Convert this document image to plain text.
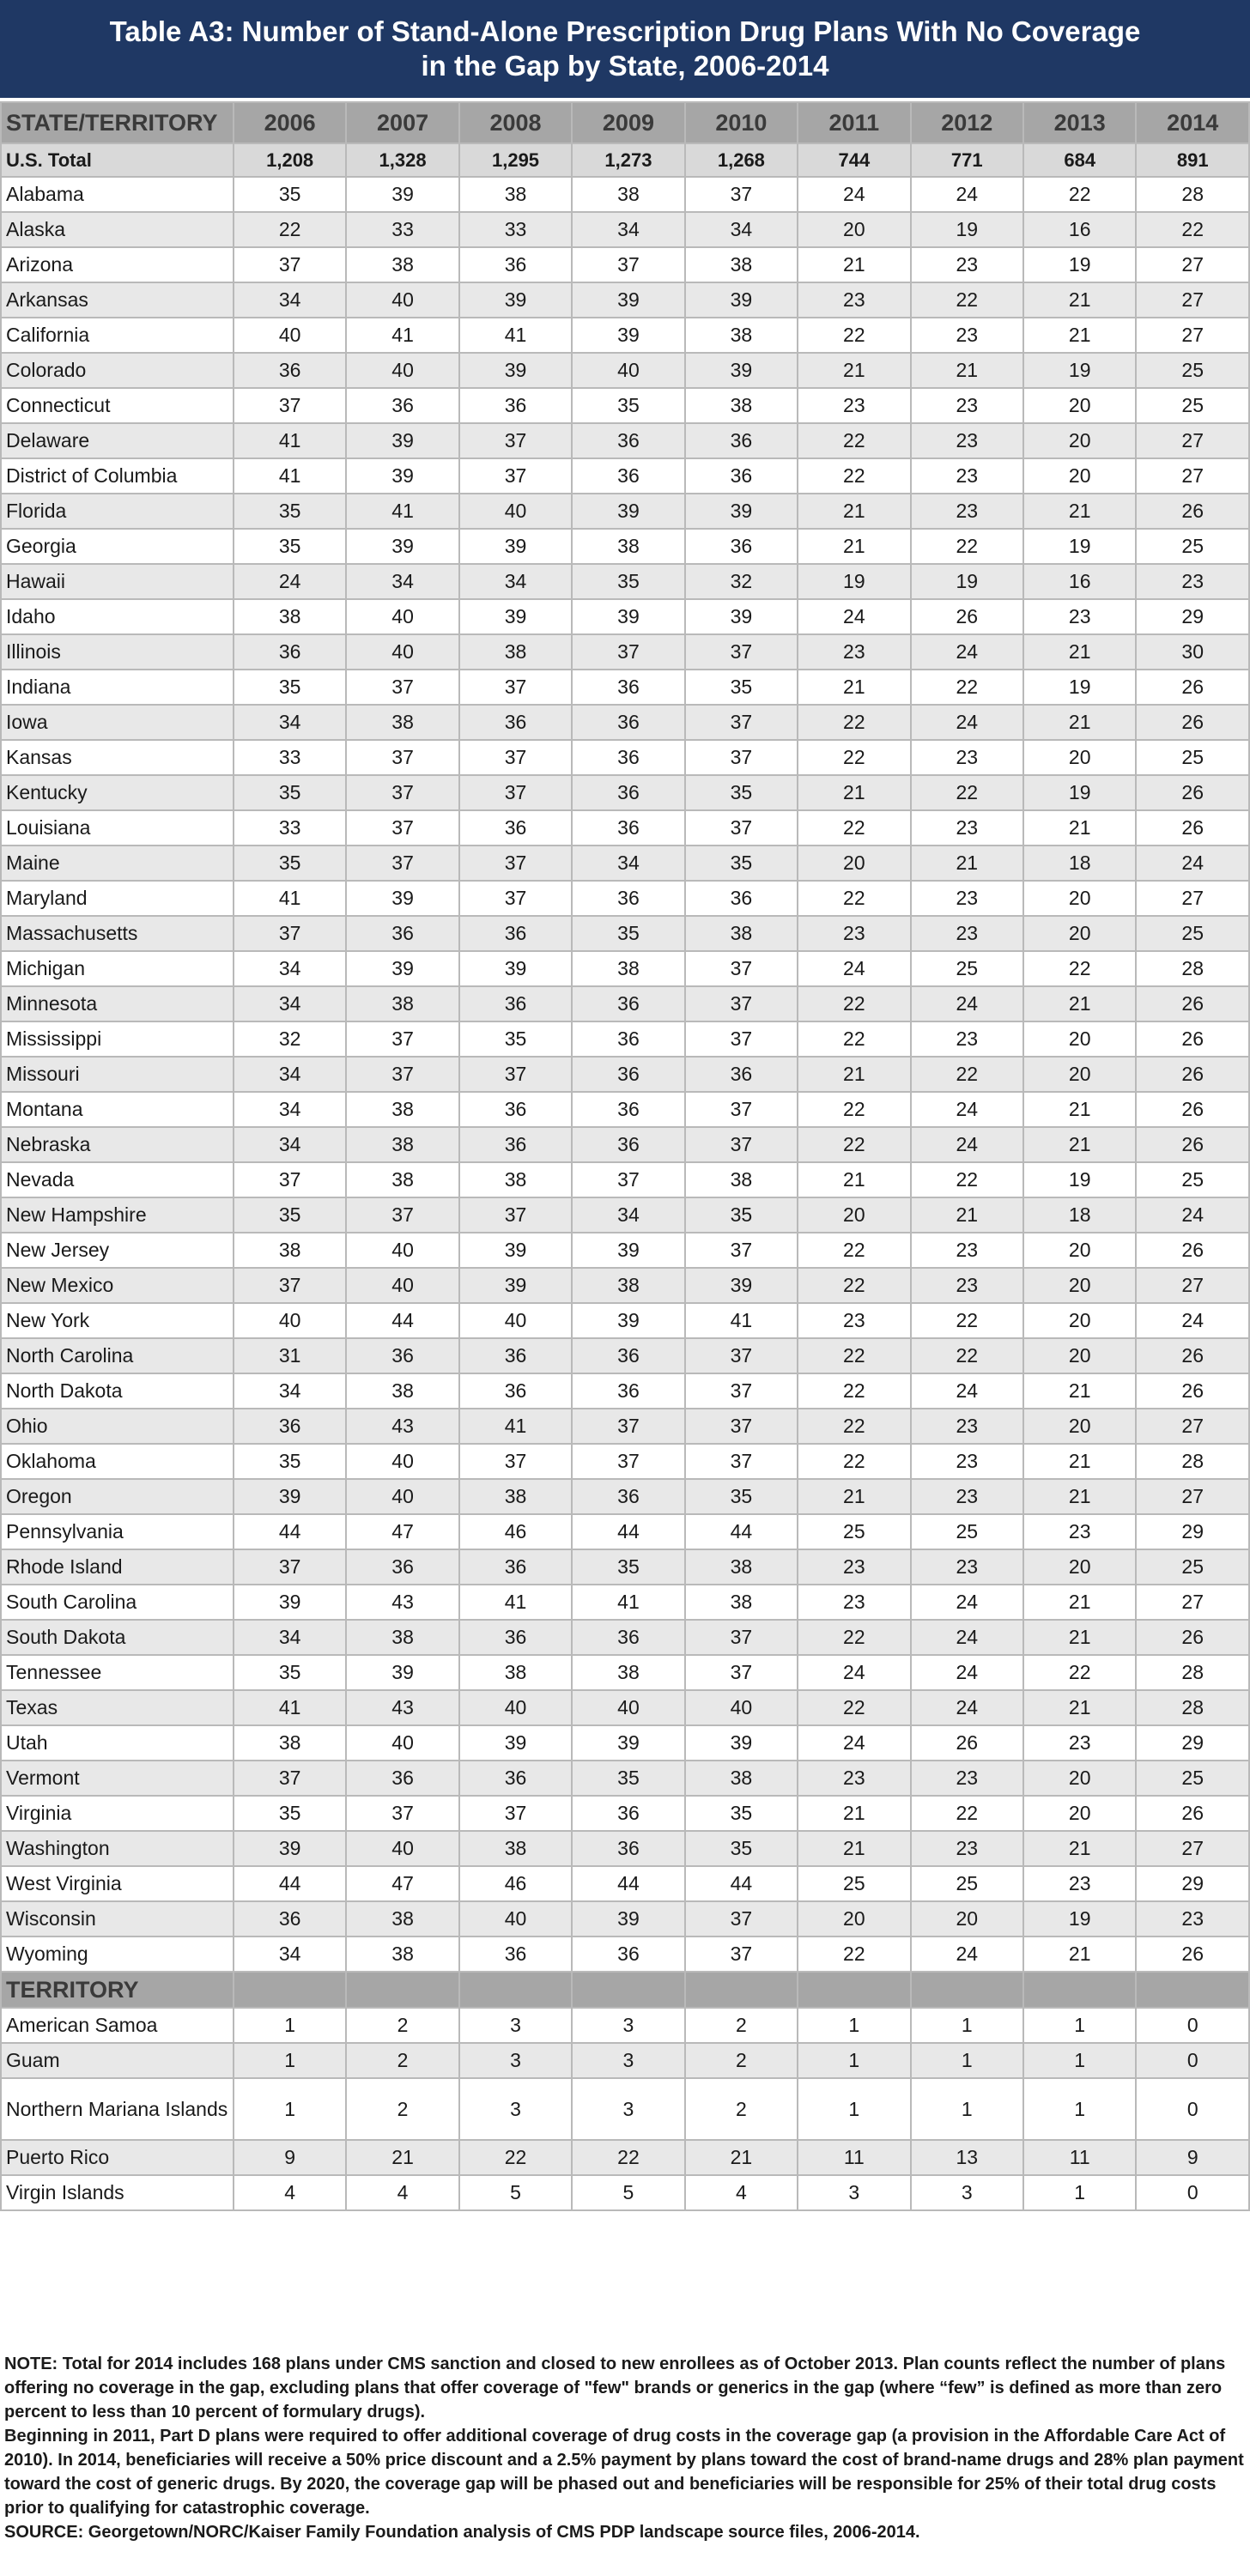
Table A3: Number of Stand-Alone Prescription Drug Plans With No Coverage
in the Gap by State, 2006-2014
STATE/TERRITORY	2006	2007	2008	2009	2010	2011	2012	2013	2014
U.S. Total	1,208	1,328	1,295	1,273	1,268	744	771	684	891
Alabama	35	39	38	38	37	24	24	22	28
Alaska	22	33	33	34	34	20	19	16	22
Arizona	37	38	36	37	38	21	23	19	27
Arkansas	34	40	39	39	39	23	22	21	27
California	40	41	41	39	38	22	23	21	27
Colorado	36	40	39	40	39	21	21	19	25
Connecticut	37	36	36	35	38	23	23	20	25
Delaware	41	39	37	36	36	22	23	20	27
District of Columbia	41	39	37	36	36	22	23	20	27
Florida	35	41	40	39	39	21	23	21	26
Georgia	35	39	39	38	36	21	22	19	25
Hawaii	24	34	34	35	32	19	19	16	23
Idaho	38	40	39	39	39	24	26	23	29
Illinois	36	40	38	37	37	23	24	21	30
Indiana	35	37	37	36	35	21	22	19	26
Iowa	34	38	36	36	37	22	24	21	26
Kansas	33	37	37	36	37	22	23	20	25
Kentucky	35	37	37	36	35	21	22	19	26
Louisiana	33	37	36	36	37	22	23	21	26
Maine	35	37	37	34	35	20	21	18	24
Maryland	41	39	37	36	36	22	23	20	27
Massachusetts	37	36	36	35	38	23	23	20	25
Michigan	34	39	39	38	37	24	25	22	28
Minnesota	34	38	36	36	37	22	24	21	26
Mississippi	32	37	35	36	37	22	23	20	26
Missouri	34	37	37	36	36	21	22	20	26
Montana	34	38	36	36	37	22	24	21	26
Nebraska	34	38	36	36	37	22	24	21	26
Nevada	37	38	38	37	38	21	22	19	25
New Hampshire	35	37	37	34	35	20	21	18	24
New Jersey	38	40	39	39	37	22	23	20	26
New Mexico	37	40	39	38	39	22	23	20	27
New York	40	44	40	39	41	23	22	20	24
North Carolina	31	36	36	36	37	22	22	20	26
North Dakota	34	38	36	36	37	22	24	21	26
Ohio	36	43	41	37	37	22	23	20	27
Oklahoma	35	40	37	37	37	22	23	21	28
Oregon	39	40	38	36	35	21	23	21	27
Pennsylvania	44	47	46	44	44	25	25	23	29
Rhode Island	37	36	36	35	38	23	23	20	25
South Carolina	39	43	41	41	38	23	24	21	27
South Dakota	34	38	36	36	37	22	24	21	26
Tennessee	35	39	38	38	37	24	24	22	28
Texas	41	43	40	40	40	22	24	21	28
Utah	38	40	39	39	39	24	26	23	29
Vermont	37	36	36	35	38	23	23	20	25
Virginia	35	37	37	36	35	21	22	20	26
Washington	39	40	38	36	35	21	23	21	27
West Virginia	44	47	46	44	44	25	25	23	29
Wisconsin	36	38	40	39	37	20	20	19	23
Wyoming	34	38	36	36	37	22	24	21	26
TERRITORY									
American Samoa	1	2	3	3	2	1	1	1	0
Guam	1	2	3	3	2	1	1	1	0
Northern Mariana Islands	1	2	3	3	2	1	1	1	0
Puerto Rico	9	21	22	22	21	11	13	11	9
Virgin Islands	4	4	5	5	4	3	3	1	0

NOTE: Total for 2014 includes 168 plans under CMS sanction and closed to new enrollees as of October 2013. Plan counts reflect the number of plans offering no coverage in the gap, excluding plans that offer coverage of "few" brands or generics in the gap (where “few” is defined as more than zero percent to less than 10 percent of formulary drugs).

Beginning in 2011, Part D plans were required to offer additional coverage of drug costs in the coverage gap (a provision in the Affordable Care Act of 2010). In 2014, beneficiaries will receive a 50% price discount and a 2.5% payment by plans toward the cost of brand-name drugs and 28% plan payment toward the cost of generic drugs. By 2020, the coverage gap will be phased out and beneficiaries will be responsible for 25% of their total drug costs prior to qualifying for catastrophic coverage.

SOURCE: Georgetown/NORC/Kaiser Family Foundation analysis of CMS PDP landscape source files, 2006-2014.
